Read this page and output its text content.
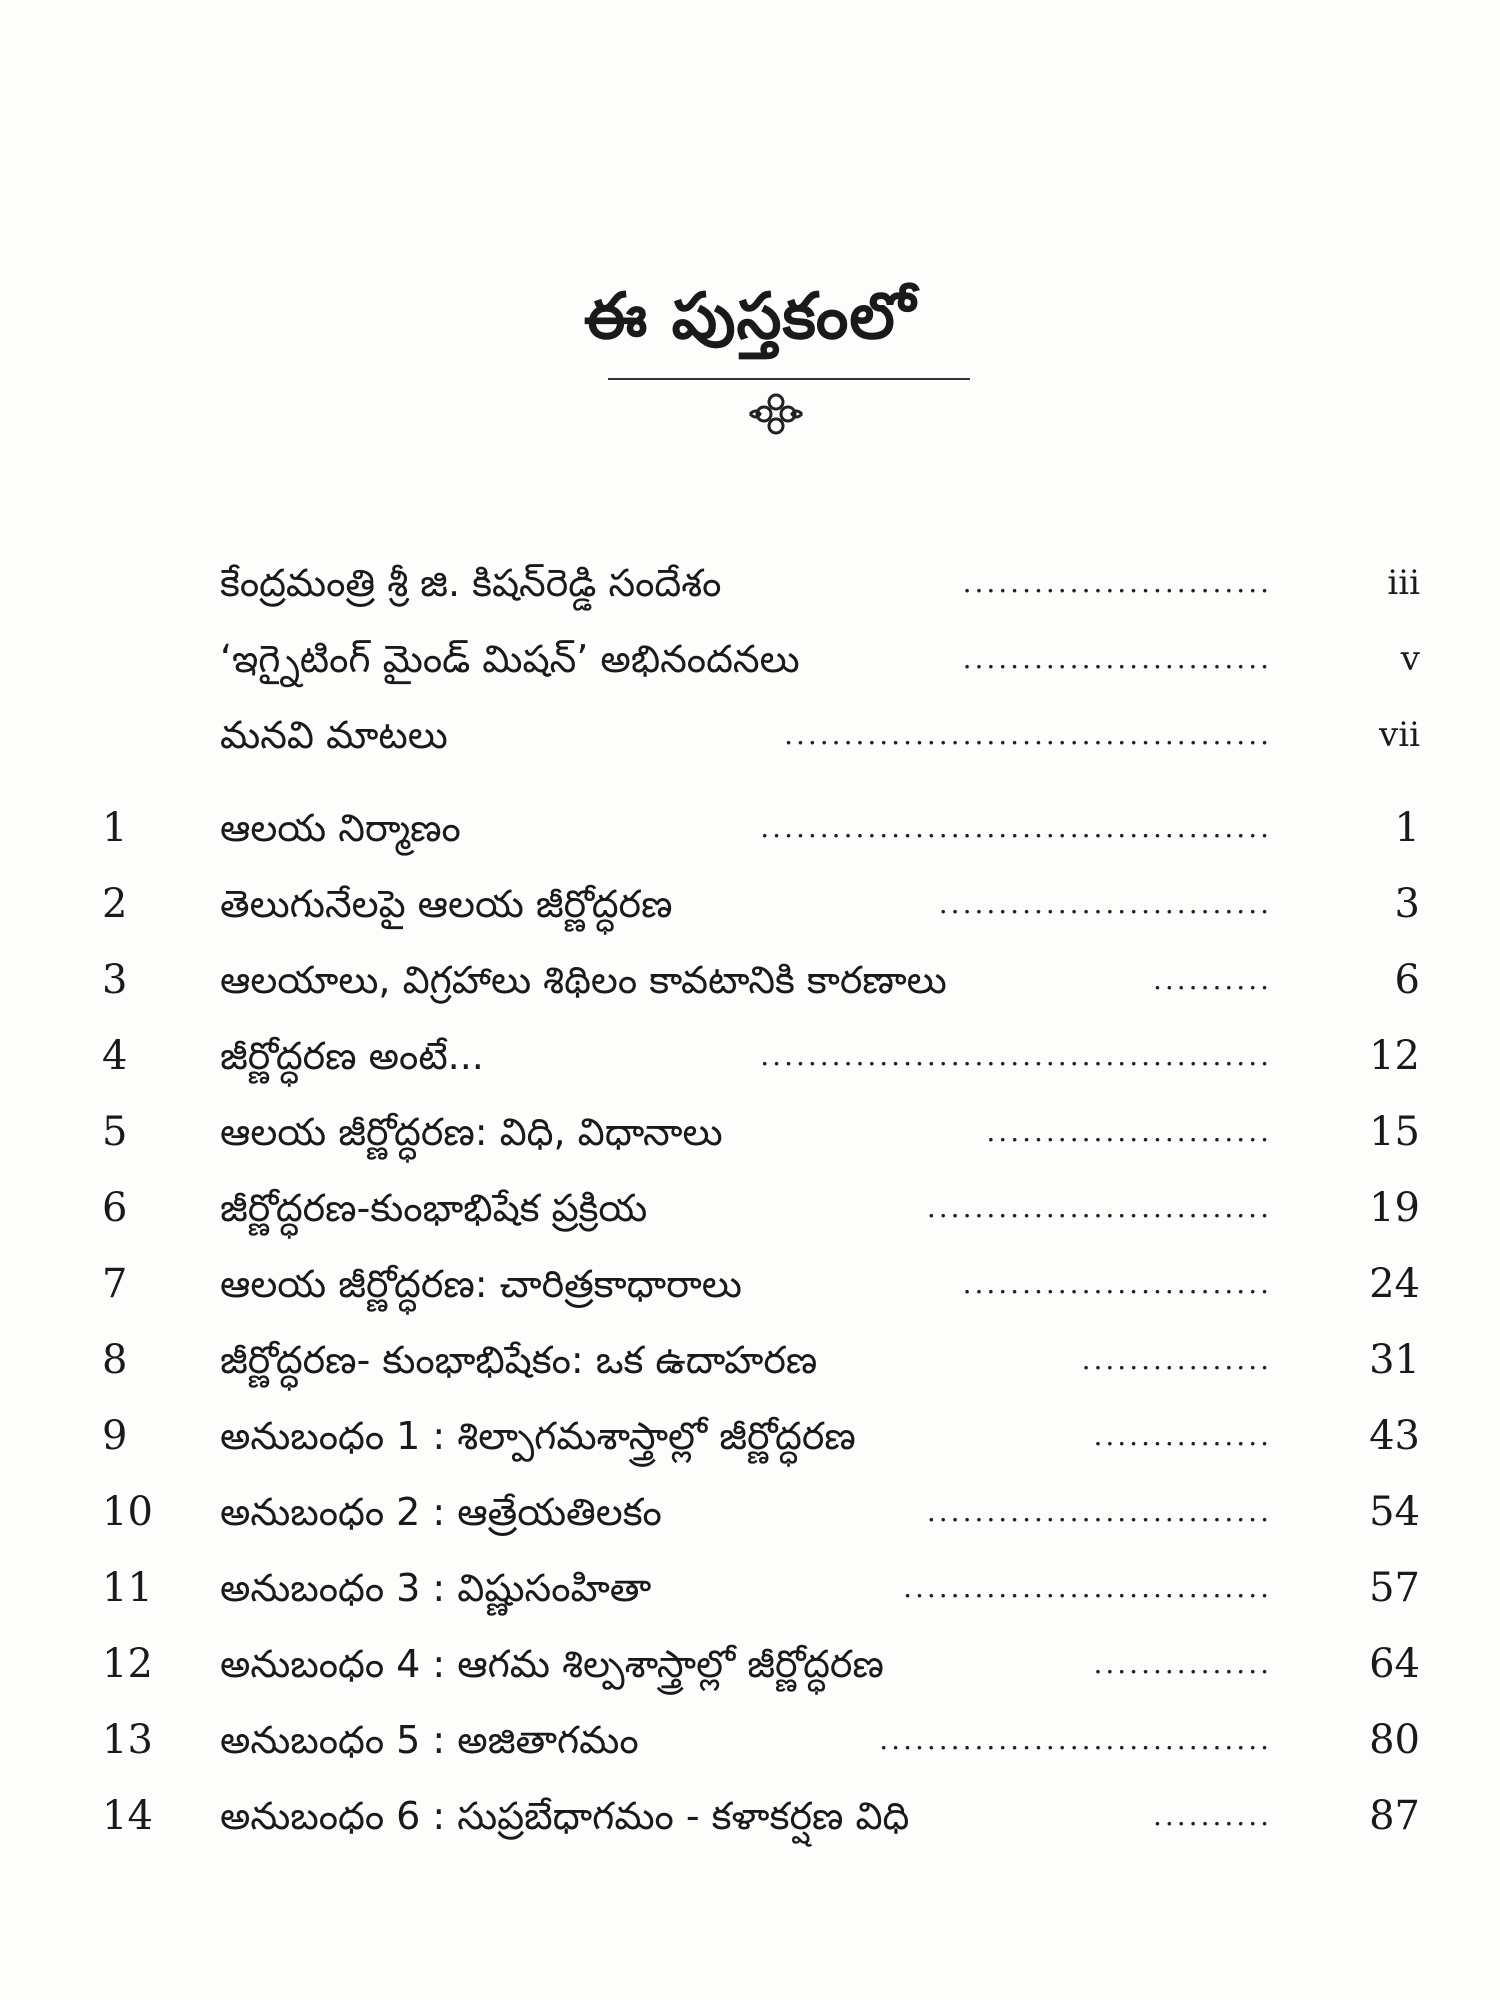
ఈ పుస్తకంలో
కేంద్రమంత్రి శ్రీ జి. కిషన్‌రెడ్డి సందేశం	..........................	iii
‘ఇగ్నైటింగ్ మైండ్ మిషన్’ అభినందనలు	..........................	v
మనవి మాటలు	.........................................	vii
1	ఆలయ నిర్మాణం	...........................................	1
2	తెలుగునేలపై ఆలయ జీర్ణోద్ధరణ	............................	3
3	ఆలయాలు, విగ్రహాలు శిథిలం కావటానికి కారణాలు	..........	6
4	జీర్ణోద్ధరణ అంటే...	...........................................	12
5	ఆలయ జీర్ణోద్ధరణ: విధి, విధానాలు	........................	15
6	జీర్ణోద్ధరణ-కుంభాభిషేక ప్రక్రియ	.............................	19
7	ఆలయ జీర్ణోద్ధరణ: చారిత్రకాధారాలు	..........................	24
8	జీర్ణోద్ధరణ- కుంభాభిషేకం: ఒక ఉదాహరణ	................	31
9	అనుబంధం 1 : శిల్పాగమశాస్త్రాల్లో జీర్ణోద్ధరణ	...............	43
10	అనుబంధం 2 : ఆత్రేయతిలకం	.............................	54
11	అనుబంధం 3 : విష్ణుసంహితా	...............................	57
12	అనుబంధం 4 : ఆగమ శిల్పశాస్త్రాల్లో జీర్ణోద్ధరణ	...............	64
13	అనుబంధం 5 : అజితాగమం	.................................	80
14	అనుబంధం 6 : సుప్రబేధాగమం - కళాకర్షణ విధి	..........	87
